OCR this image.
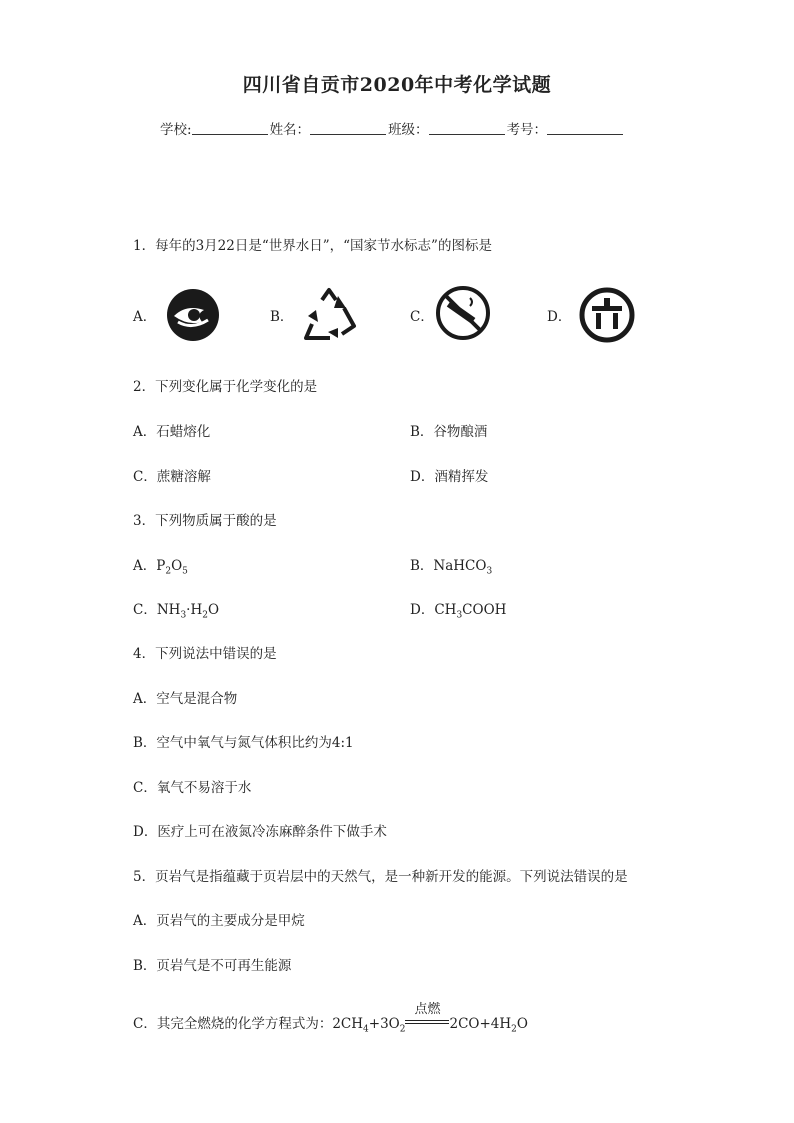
四川省自贡市2020年中考化学试题
学校:	姓名：	班级：	考号：
1．每年的3月22日是“世界水日”，“国家节水标志”的图标是
A．	B．	C．	D．
2．下列变化属于化学变化的是
A．石蜡熔化	B．谷物酿酒
C．蔗糖溶解	D．酒精挥发
3．下列物质属于酸的是
A．$P_2O_5$	B．NaHCO$_3$
C．$NH_3\cdot H_2O$	D．$CH_3COOH$
4．下列说法中错误的是
A．空气是混合物
B．空气中氧气与氮气体积比约为4:1
C．氧气不易溶于水
D．医疗上可在液氮冷冻麻醉条件下做手术
5．页岩气是指蕴藏于页岩层中的天然气，是一种新开发的能源。下列说法错误的是
A．页岩气的主要成分是甲烷
B．页岩气是不可再生能源
C．其完全燃烧的化学方程式为：$2CH_4+3O_2$
点燃
$2CO+4H_2O$
